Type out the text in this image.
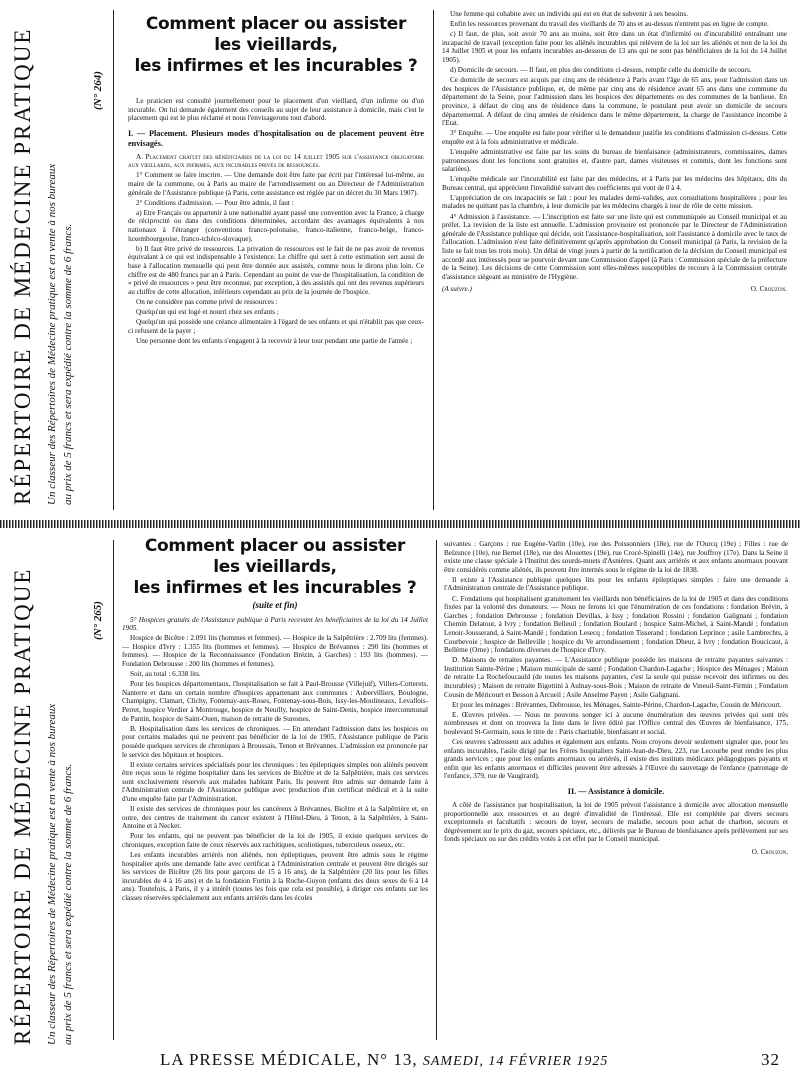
RÉPERTOIRE DE MÉDECINE PRATIQUE Un classeur des Répertoires de Médecine pratique est en vente à nos bureaux au prix de 5 francs et sera expédié contre la somme de 6 francs.
(N° 264)
Comment placer ou assister
les vieillards,
les infirmes et les incurables ?

Le praticien est consulté journellement pour le placement d'un vieillard, d'un infirme ou d'un incurable. On lui demande également des conseils au sujet de leur assistance à domicile, mais c'est le placement qui est le plus réclamé et nous l'envisagerons tout d'abord.

I. — Placement. Plusieurs modes d'hospitalisation ou de placement peuvent être envisagés.

A. Placement gratuit des bénéficiaires de la loi du 14 juillet 1905 sur l'assistance obligatoire aux vieillards, aux infirmes, aux incurables privés de ressources.

1° Comment se faire inscrire. — Une demande doit être faite par écrit par l'intéressé lui-même, au maire de la commune, ou à Paris au maire de l'arrondissement ou au Directeur de l'Administration générale de l'Assistance publique (à Paris, cette assistance est réglée par un décret du 30 Mars 1907).

2° Conditions d'admission. — Pour être admis, il faut :

a) Etre Français ou appartenir à une nationalité ayant passé une convention avec la France, à charge de réciprocité ou dans des conditions déterminées, accordant des avantages équivalents à nos nationaux à l'étranger (conventions franco-polonaise, franco-italienne, franco-belge, franco-luxembourgeoise, franco-tchéco-slovaque).

b) Il faut être privé de ressources. La privation de ressources est le fait de ne pas avoir de revenus équivalant à ce qui est indispensable à l'existence. Le chiffre qui sert à cette estimation sert aussi de base à l'allocation mensuelle qui peut être donnée aux assistés, comme nous le dirons plus loin. Ce chiffre est de 480 francs par an à Paris. Cependant au point de vue de l'hospitalisation, la condition de « privé de ressources » peut être reconnue, par exception, à des assistés qui ont des revenus supérieurs au chiffre de cette allocation, inférieurs cependant au prix de la journée de l'hospice.

On ne considère pas comme privé de ressources :

Quelqu'un qui est logé et nourri chez ses enfants ;

Quelqu'un qui possède une créance alimentaire à l'égard de ses enfants et qui n'établit pas que ceux-ci refusent de la payer ;

Une personne dont les enfants s'engagent à la recevoir à leur tour pendant une partie de l'année ;

Une femme qui cohabite avec un individu qui est en état de subvenir à ses besoins.

Enfin les ressources provenant du travail des vieillards de 70 ans et au-dessus n'entrent pas en ligne de compte.

c) Il faut, de plus, soit avoir 70 ans au moins, soit être dans un état d'infirmité ou d'incurabilité entraînant une incapacité de travail (exception faite pour les aliénés incurables qui relèvent de la loi sur les aliénés et non de la loi du 14 Juillet 1905 et pour les enfants incurables au-dessous de 13 ans qui ne sont pas bénéficiaires de la loi du 14 Juillet 1905).

d) Domicile de secours. — Il faut, en plus des conditions ci-dessus, remplir celle du domicile de secours.

Ce domicile de secours est acquis par cinq ans de résidence à Paris avant l'âge de 65 ans, pour l'admission dans un des hospices de l'Assistance publique, et, de même par cinq ans de résidence avant 65 ans dans une commune du département de la Seine, pour l'admission dans les hospices des départements ou des communes de la banlieue. En province, à défaut de cinq ans de résidence dans la commune, le postulant peut avoir un domicile de secours départemental. A défaut de cinq années de résidence dans le même département, la charge de l'assistance incombe à l'Etat.

3° Enquête. — Une enquête est faite pour vérifier si le demandeur justifie les conditions d'admission ci-dessus. Cette enquête est à la fois administrative et médicale.

L'enquête administrative est faite par les soins du bureau de bienfaisance (administrateurs, commissaires, dames patronnesses dont les fonctions sont gratuites et, d'autre part, dames visiteuses et commis, dont les fonctions sont salariées).

L'enquête médicale sur l'incurabilité est faite par des médecins, et à Paris par les médecins des hôpitaux, dits du Bureau central, qui apprécient l'invalidité suivant des coefficients qui vont de 0 à 4.

L'appréciation de ces incapacités se fait : pour les malades demi-valides, aux consultations hospitalières ; pour les malades ne quittant pas la chambre, à leur domicile par les médecins chargés à tour de rôle de cette mission.

4° Admission à l'assistance. — L'inscription est faite sur une liste qui est communiquée au Conseil municipal et au préfet. La revision de la liste est annuelle. L'admission provisoire est prononcée par le Directeur de l'Administration générale de l'Assistance publique qui décide, soit l'assistance-hospitalisation, soit l'assistance à domicile avec le taux de l'allocation. L'admission n'est faite définitivement qu'après approbation du Conseil municipal (à Paris, la revision de la liste se fait tous les trois mois). Un délai de vingt jours à partir de la notification de la décision du Conseil municipal est accordé aux intéressés pour se pourvoir devant une Commission d'appel (à Paris : Commission spéciale de la préfecture de la Seine). Les décisions de cette Commission sont elles-mêmes susceptibles de recours à la Commission centrale d'assistance siégeant au ministère de l'Hygiène.

(A suivre.)	O. Crouzon.
RÉPERTOIRE DE MÉDECINE PRATIQUE Un classeur des Répertoires de Médecine pratique est en vente à nos bureaux au prix de 5 francs et sera expédié contre la somme de 6 francs.
(N° 265)
Comment placer ou assister
les vieillards,
les infirmes et les incurables ?
(suite et fin)

5° Hospices gratuits de l'Assistance publique à Paris recevant les bénéficiaires de la loi du 14 Juillet 1905.

Hospice de Bicêtre : 2.091 lits (hommes et femmes). — Hospice de la Salpêtrière : 2.709 lits (femmes). — Hospice d'Ivry : 1.355 lits (hommes et femmes). — Hospice de Brévannes : 290 lits (hommes et femmes). — Hospice de la Reconnaissance (Fondation Brézin, à Garches) : 193 lits (hommes). — Fondation Debrousse : 200 lits (hommes et femmes).

Soit, au total : 6.338 lits.

Pour les hospices départementaux, l'hospitalisation se fait à Paul-Brousse (Villejuif), Villers-Cotterets, Nanterre et dans un certain nombre d'hospices appartenant aux communes : Aubervilliers, Boulogne, Champigny, Clamart, Clichy, Fontenay-aux-Roses, Fontenay-sous-Bois, Issy-les-Moulineaux, Levallois-Perret, hospice Verdier à Montrouge, hospice de Neuilly, hospice de Saint-Denis, hospice intercommunal de Pantin, hospice de Saint-Ouen, maison de retraite de Suresnes.

B. Hospitalisation dans les services de chroniques. — En attendant l'admission dans les hospices ou pour certains malades qui ne peuvent pas bénéficier de la loi de 1905, l'Assistance publique de Paris possède quelques services de chroniques à Broussais, Tenon et Brévannes. L'admission est prononcée par le service des hôpitaux et hospices.

Il existe certains services spécialisés pour les chroniques : les épileptiques simples non aliénés peuvent être reçus sous le régime hospitalier dans les services de Bicêtre et de la Salpêtrière, mais ces services sont exclusivement réservés aux malades habitant Paris. Ils peuvent être admis sur demande faite à l'Administration centrale de l'Assistance publique avec production d'un certificat médical et à la suite d'une enquête faite par l'Administration.

Il existe des services de chroniques pour les cancéreux à Brévannes, Bicêtre et à la Salpêtrière et, en outre, des centres de traitement du cancer existent à l'Hôtel-Dieu, à Tenon, à la Salpêtrière, à Saint-Antoine et à Necker.

Pour les enfants, qui ne peuvent pas bénéficier de la loi de 1905, il existe quelques services de chroniques, exception faite de ceux réservés aux rachitiques, scoliotiques, tuberculeux osseux, etc.

Les enfants incurables arriérés non aliénés, non épileptiques, peuvent être admis sous le régime hospitalier après une demande faite avec certificat à l'Administration centrale et peuvent être dirigés sur les services de Bicêtre (26 lits pour garçons de 15 à 16 ans), de la Salpêtrière (20 lits pour les filles incurables de 4 à 16 ans) et de la fondation Fortin à la Roche-Guyon (enfants des deux sexes de 6 à 14 ans). Toutefois, à Paris, il y a intérêt (toutes les fois que cela est possible), à diriger ces enfants sur les classes réservées spécialement aux enfants arriérés dans les écoles

suivantes : Garçons : rue Eugène-Varlin (10e), rue des Poissonniers (18e), rue de l'Ourcq (19e) ; Filles : rue de Belzunce (10e), rue Bernel (18e), rue des Alouettes (19e), rue Crocé-Spinelli (14e), rue Jouffroy (17e). Dans la Seine il existe une classe spéciale à l'Institut des sourds-muets d'Asnières. Quant aux arriérés et aux enfants anormaux pouvant être considérés comme aliénés, ils peuvent être internés sous le régime de la loi de 1838.

Il existe à l'Assistance publique quelques lits pour les enfants épileptiques simples : faire une demande à l'Administration centrale de l'Assistance publique.

C. Fondations qui hospitalisent gratuitement les vieillards non bénéficiaires de la loi de 1905 et dans des conditions fixées par la volonté des donateurs. — Nous ne ferons ici que l'énumération de ces fondations : fondation Brévin, à Garches ; fondation Debrousse ; fondation Devillas, à Issy ; fondation Rossini ; fondation Galignani ; fondation Chemin Delatour, à Ivry ; fondation Belleuil ; fondation Boulard ; hospice Saint-Michel, à Saint-Mandé ; fondation Lenoir-Jousserand, à Saint-Mandé ; fondation Lesecq ; fondation Tisserand ; fondation Leprince ; asile Lambrechts, à Courbevoie ; hospice de Belleville ; hospice du Ve arrondissement ; fondation Dheur, à Ivry ; fondation Boucicaut, à Bellème (Orne) ; fondations diverses de l'hospice d'Ivry.

D. Maisons de retraites payantes. — L'Assistance publique possède les maisons de retraite payantes suivantes : Institution Sainte-Périne ; Maison municipale de santé ; Fondation Chardon-Lagache ; Hospice des Ménages ; Maison de retraite La Rochefoucauld (de toutes les maisons payantes, c'est la seule qui puisse recevoir des infirmes ou des incurables) ; Maison de retraite Bigottini à Aulnay-sous-Bois ; Maison de retraite de Vineuil-Saint-Firmin ; Fondation Cousin de Méricourt et Besson à Arcueil ; Asile Anselme Payen ; Asile Galignani.

Et pour les ménages : Brévannes, Debrousse, les Ménages, Sainte-Périne, Chardon-Lagache, Cousin de Méricourt.

E. Œuvres privées. — Nous ne pouvons songer ici à aucune énumération des œuvres privées qui sont très nombreuses et dont on trouvera la liste dans le livre édité par l'Office central des Œuvres de bienfaisance, 175, boulevard St-Germain, sous le titre de : Paris charitable, bienfaisant et social.

Ces œuvres s'adressent aux adultes et également aux enfants. Nous croyons devoir seulement signaler que, pour les enfants incurables, l'asile dirigé par les Frères hospitaliers Saint-Jean-de-Dieu, 223, rue Lecourbe peut rendre les plus grands services ; que pour les enfants anormaux ou arriérés, il existe des instituts médicaux pédagogiques payants et enfin que les enfants anormaux et difficiles peuvent être adressés à l'Œuvre du sauvetage de l'enfance (patronage de l'enfance, 379, rue de Vaugirard).

II. — Assistance à domicile.

A côté de l'assistance par hospitalisation, la loi de 1905 prévoit l'assistance à domicile avec allocation mensuelle proportionnelle aux ressources et au degré d'invalidité de l'intéressé. Elle est complétée par divers secours exceptionnels et facultatifs : secours de loyer, secours de maladie, secours pour achat de charbon, secours et dégrèvement sur le prix du gaz, secours spéciaux, etc., délivrés par le Bureau de bienfaisance après prélèvement sur ses fonds spéciaux ou sur des crédits votés à cet effet par le Conseil municipal.

O. Crouzon.
LA PRESSE MÉDICALE, N° 13, SAMEDI, 14 FÉVRIER 1925	32
